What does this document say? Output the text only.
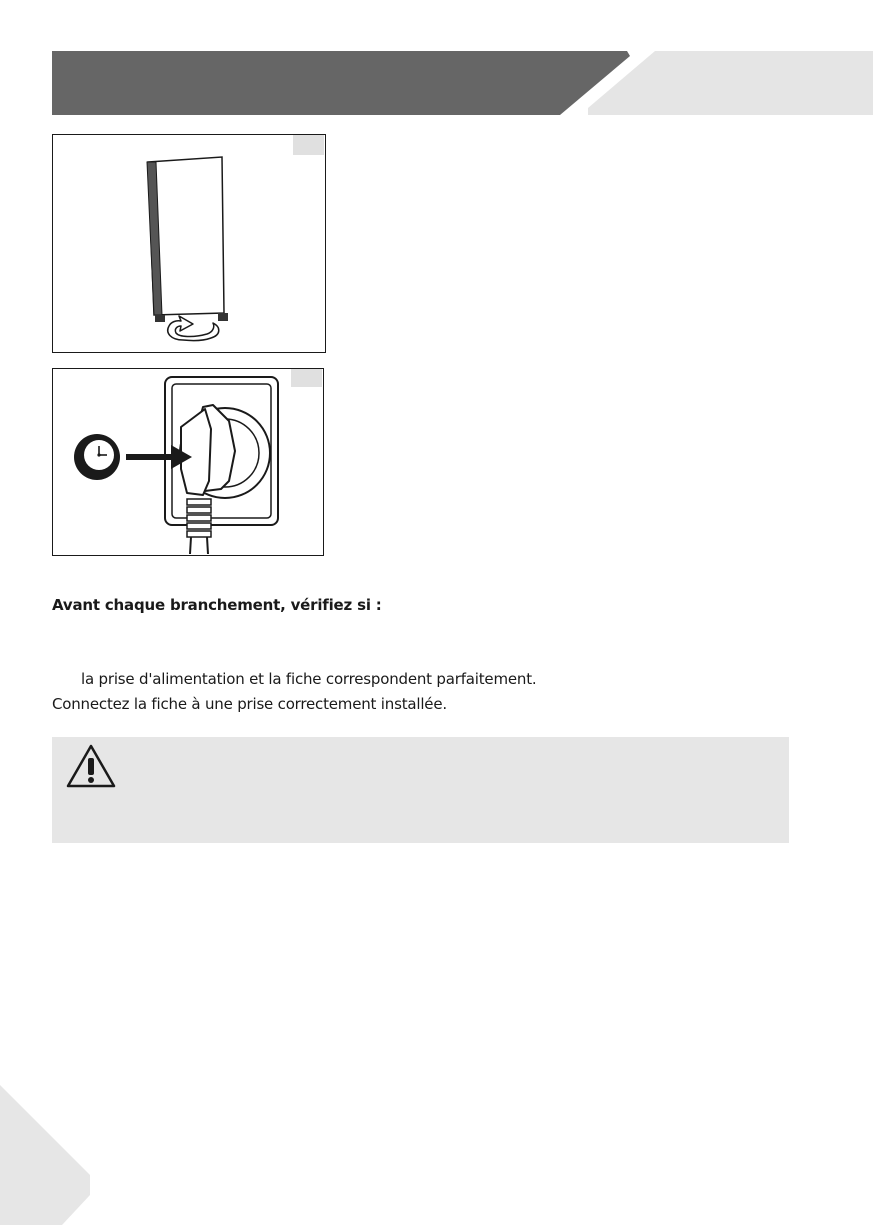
Avant chaque branchement, vérifiez si :
la prise d'alimentation et la fiche correspondent parfaitement.
Connectez la fiche à une prise correctement installée.
